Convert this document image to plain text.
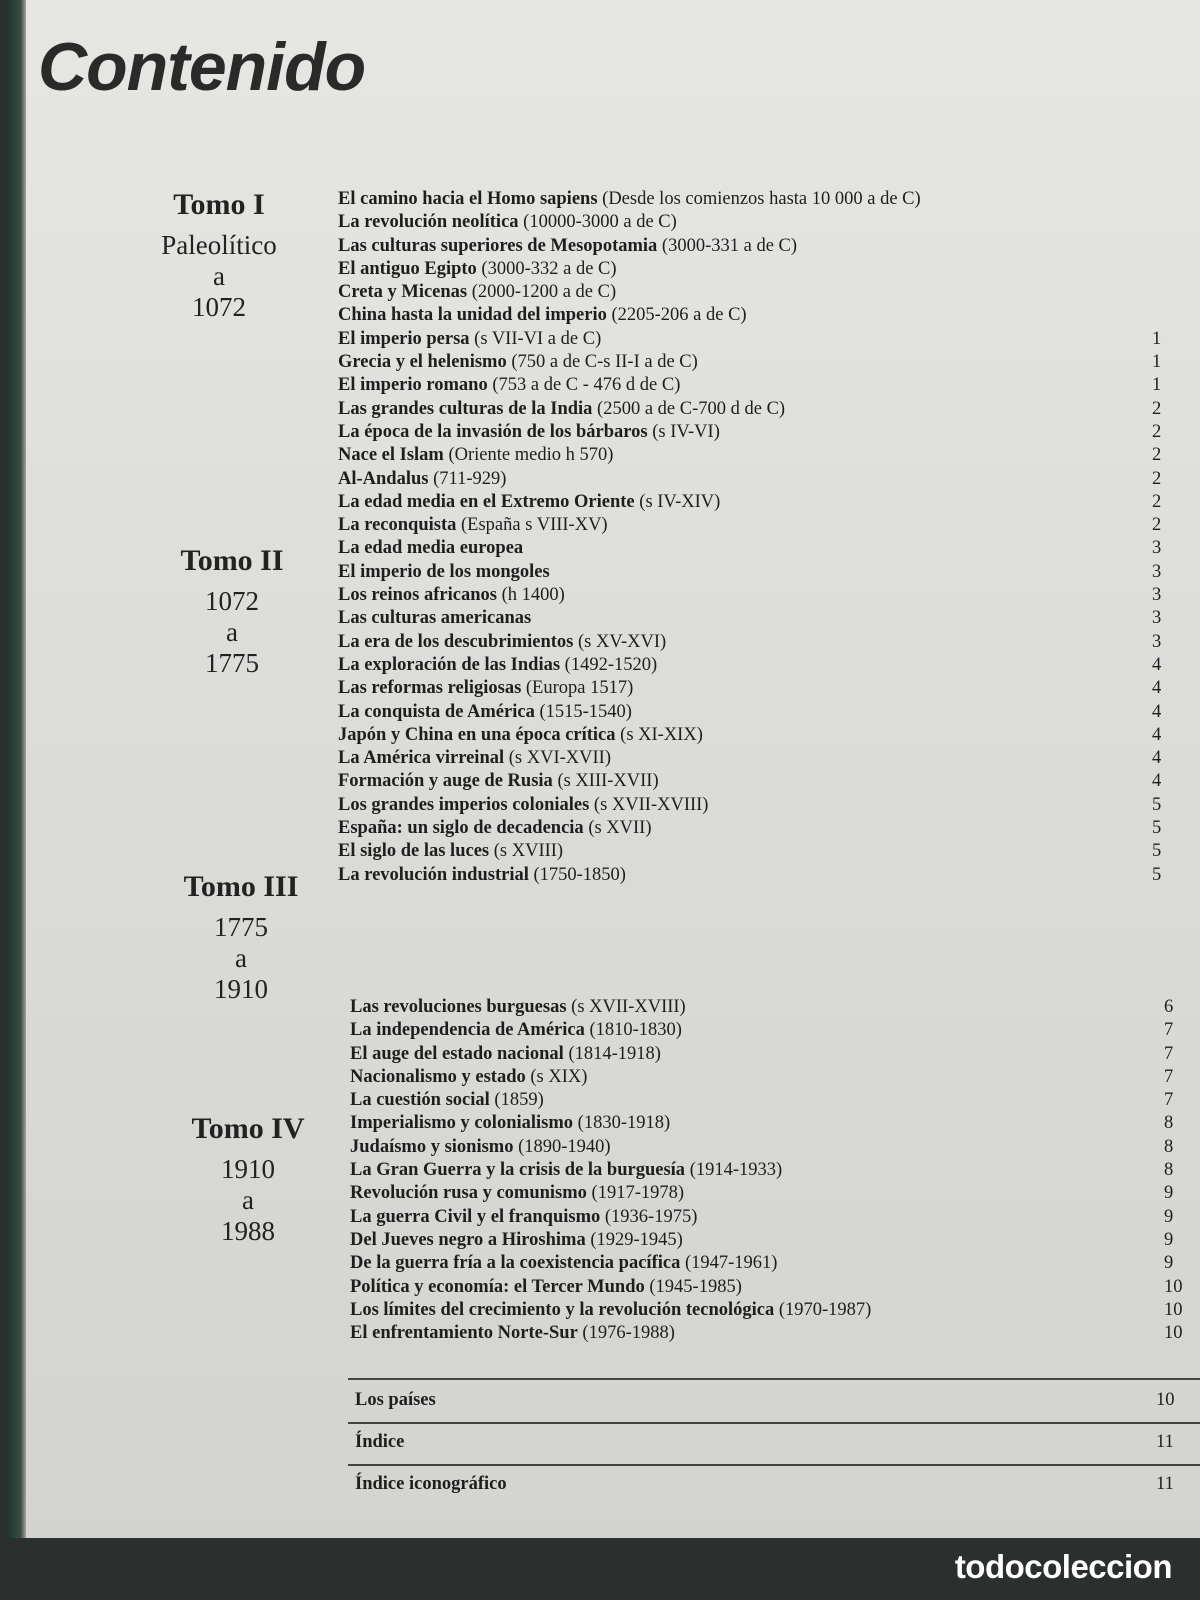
Contenido
Tomo I
Paleolítico
a
1072
Tomo II
1072
a
1775
Tomo III
1775
a
1910
Tomo IV
1910
a
1988
El camino hacia el Homo sapiens (Desde los comienzos hasta 10 000 a de C)
La revolución neolítica (10000-3000 a de C)
Las culturas superiores de Mesopotamia (3000-331 a de C)
El antiguo Egipto (3000-332 a de C)
Creta y Micenas (2000-1200 a de C)
China hasta la unidad del imperio (2205-206 a de C)
El imperio persa (s VII-VI a de C)	1
Grecia y el helenismo (750 a de C-s II-I a de C)	1
El imperio romano (753 a de C - 476 d de C)	1
Las grandes culturas de la India (2500 a de C-700 d de C)	2
La época de la invasión de los bárbaros (s IV-VI)	2
Nace el Islam (Oriente medio h 570)	2
Al-Andalus (711-929)	2
La edad media en el Extremo Oriente (s IV-XIV)	2
La reconquista (España s VIII-XV)	2
La edad media europea	3
El imperio de los mongoles	3
Los reinos africanos (h 1400)	3
Las culturas americanas	3
La era de los descubrimientos (s XV-XVI)	3
La exploración de las Indias (1492-1520)	4
Las reformas religiosas (Europa 1517)	4
La conquista de América (1515-1540)	4
Japón y China en una época crítica (s XI-XIX)	4
La América virreinal (s XVI-XVII)	4
Formación y auge de Rusia (s XIII-XVII)	4
Los grandes imperios coloniales (s XVII-XVIII)	5
España: un siglo de decadencia (s XVII)	5
El siglo de las luces (s XVIII)	5
La revolución industrial (1750-1850)	5
Las revoluciones burguesas (s XVII-XVIII)	6
La independencia de América (1810-1830)	7
El auge del estado nacional (1814-1918)	7
Nacionalismo y estado (s XIX)	7
La cuestión social (1859)	7
Imperialismo y colonialismo (1830-1918)	8
Judaísmo y sionismo (1890-1940)	8
La Gran Guerra y la crisis de la burguesía (1914-1933)	8
Revolución rusa y comunismo (1917-1978)	9
La guerra Civil y el franquismo (1936-1975)	9
Del Jueves negro a Hiroshima (1929-1945)	9
De la guerra fría a la coexistencia pacífica (1947-1961)	9
Política y economía: el Tercer Mundo (1945-1985)	10
Los límites del crecimiento y la revolución tecnológica (1970-1987)	10
El enfrentamiento Norte-Sur (1976-1988)	10
Los países	10
Índice	11
Índice iconográfico	11
todocoleccion
